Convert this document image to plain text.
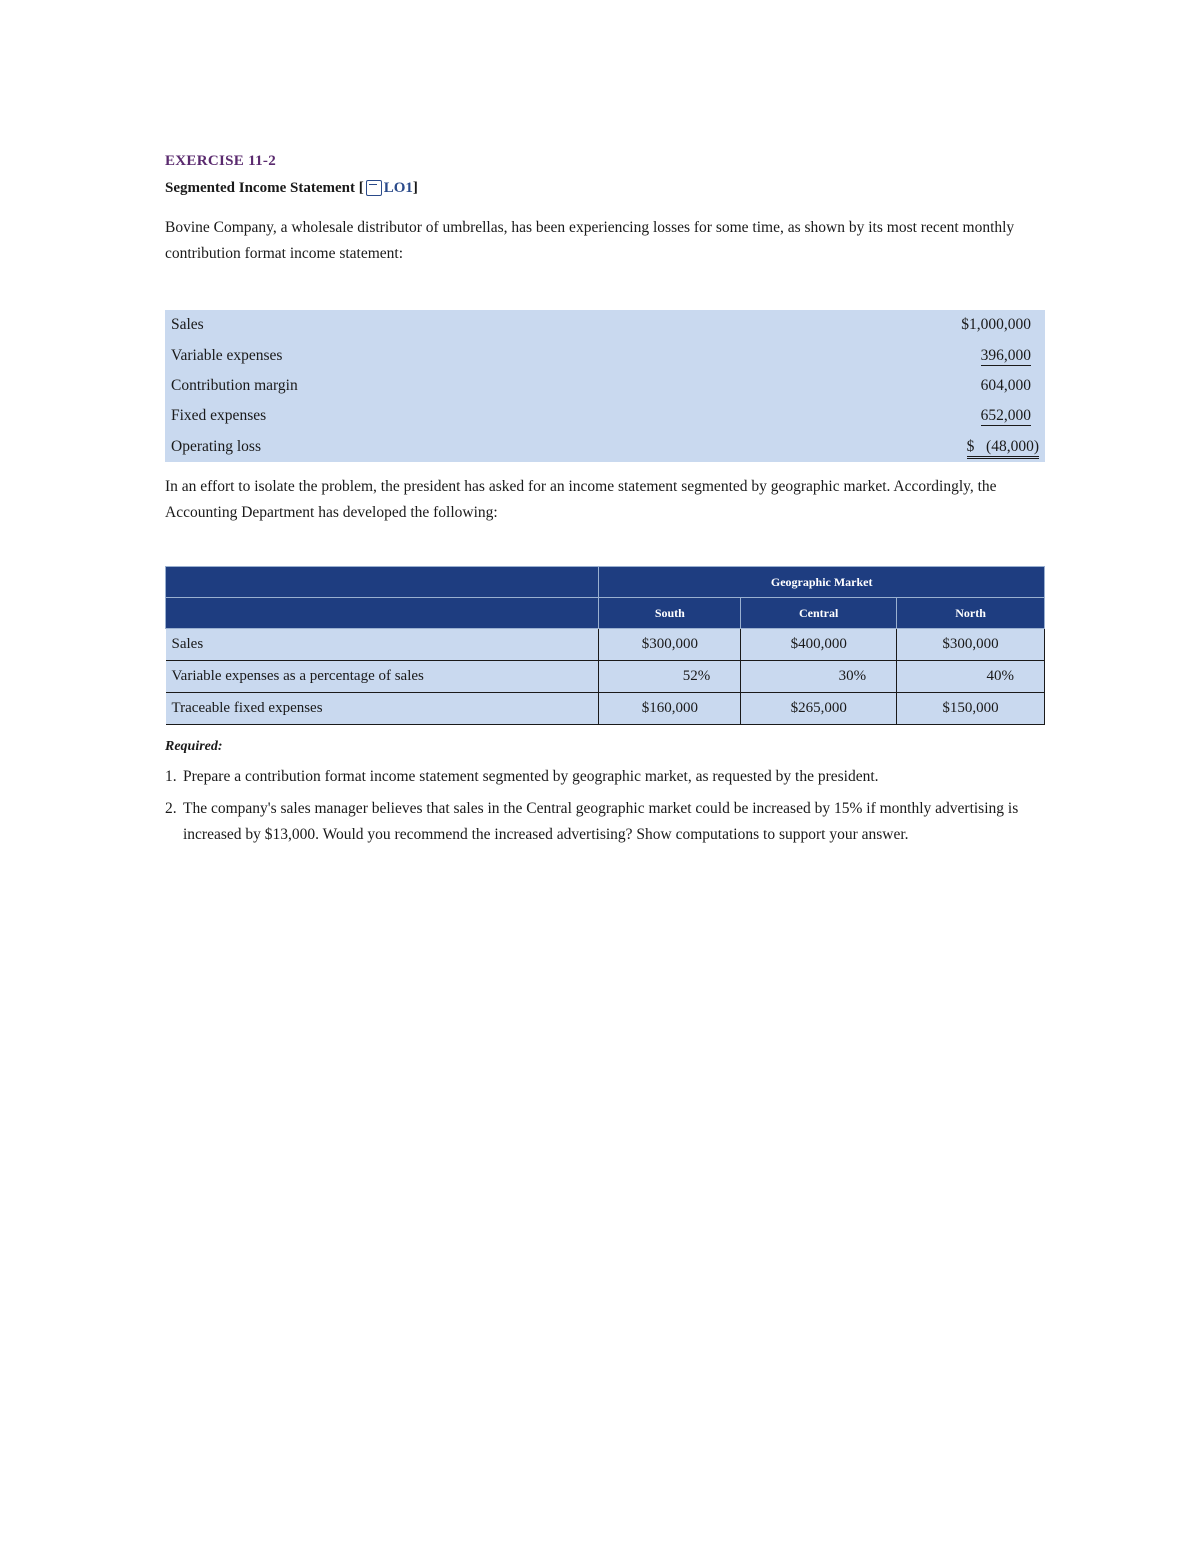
EXERCISE 11-2
Segmented Income Statement [ LO1 ]

Bovine Company, a wholesale distributor of umbrellas, has been experiencing losses for some time, as shown by its most recent monthly contribution format income statement:

Sales	$1,000,000
Variable expenses	396,000
Contribution margin	604,000
Fixed expenses	652,000
Operating loss	$   (48,000)

In an effort to isolate the problem, the president has asked for an income statement segmented by geographic market. Accordingly, the Accounting Department has developed the following:

	Geographic Market		
	South	Central	North
Sales	$300,000	$400,000	$300,000
Variable expenses as a percentage of sales	52%	30%	40%
Traceable fixed expenses	$160,000	$265,000	$150,000

Required:

1. Prepare a contribution format income statement segmented by geographic market, as requested by the president.
2. The company's sales manager believes that sales in the Central geographic market could be increased by 15% if monthly advertising is increased by $13,000. Would you recommend the increased advertising? Show computations to support your answer.
